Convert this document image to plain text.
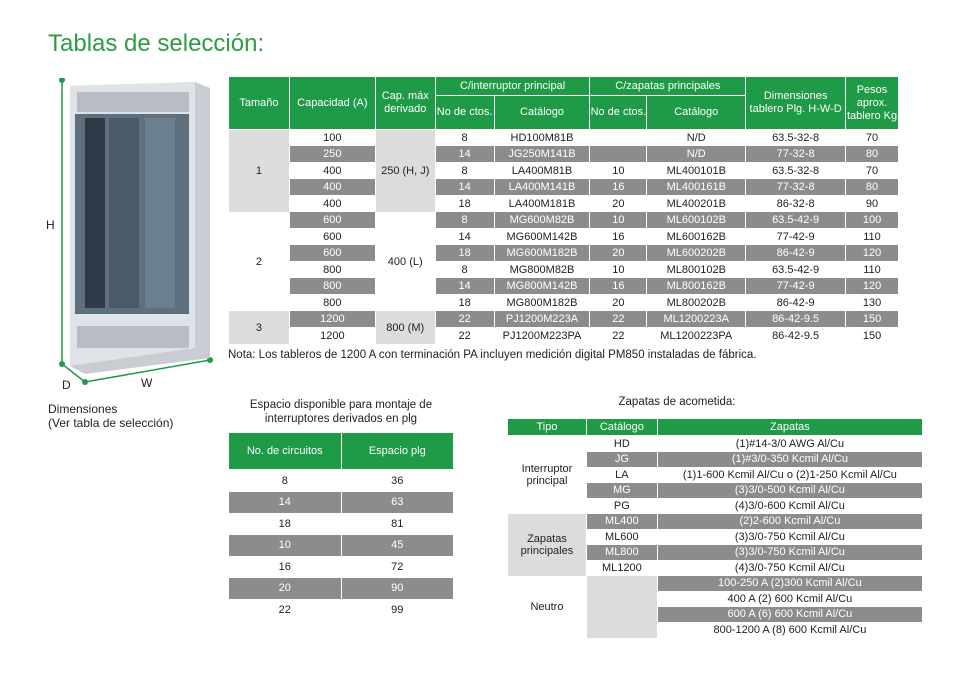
Tablas de selección:
H
D	W
Dimensiones
(Ver tabla de selección)
Tamaño	Capacidad (A)	Cap. máx derivado	C/interruptor principal		C/zapatas principales		Dimensiones tablero Plg. H-W-D	Pesos aprox. tablero Kg
			No de ctos.	Catálogo	No de ctos.	Catálogo		
1	100	250 (H, J)	8	HD100M81B		N/D	63.5-32-8	70
	250		14	JG250M141B		N/D	77-32-8	80
	400		8	LA400M81B	10	ML400101B	63.5-32-8	70
	400		14	LA400M141B	16	ML400161B	77-32-8	80
	400		18	LA400M181B	20	ML400201B	86-32-8	90
2	600	400 (L)	8	MG600M82B	10	ML600102B	63.5-42-9	100
	600		14	MG600M142B	16	ML600162B	77-42-9	110
	600		18	MG600M182B	20	ML600202B	86-42-9	120
	800		8	MG800M82B	10	ML800102B	63.5-42-9	110
	800		14	MG800M142B	16	ML800162B	77-42-9	120
	800		18	MG800M182B	20	ML800202B	86-42-9	130
3	1200	800 (M)	22	PJ1200M223A	22	ML1200223A	86-42-9.5	150
	1200		22	PJ1200M223PA	22	ML1200223PA	86-42-9.5	150
Nota: Los tableros de 1200 A con terminación PA incluyen medición digital PM850 instaladas de fábrica.
Espacio disponible para montaje de interruptores derivados en plg
No. de circuitos	Espacio plg
8	36
14	63
18	81
10	45
16	72
20	90
22	99
Zapatas de acometida:
Tipo	Catálogo	Zapatas
Interruptor principal	HD	(1)#14-3/0 AWG Al/Cu
	JG	(1)#3/0-350 Kcmil Al/Cu
	LA	(1)1-600 Kcmil Al/Cu o (2)1-250 Kcmil Al/Cu
	MG	(3)3/0-500 Kcmil Al/Cu
	PG	(4)3/0-600 Kcmil Al/Cu
Zapatas principales	ML400	(2)2-600 Kcmil Al/Cu
	ML600	(3)3/0-750 Kcmil Al/Cu
	ML800	(3)3/0-750 Kcmil Al/Cu
	ML1200	(4)3/0-750 Kcmil Al/Cu
Neutro		100-250 A (2)300 Kcmil Al/Cu
		400 A (2) 600 Kcmil Al/Cu
		600 A (6) 600 Kcmil Al/Cu
		800-1200 A (8) 600 Kcmil Al/Cu
